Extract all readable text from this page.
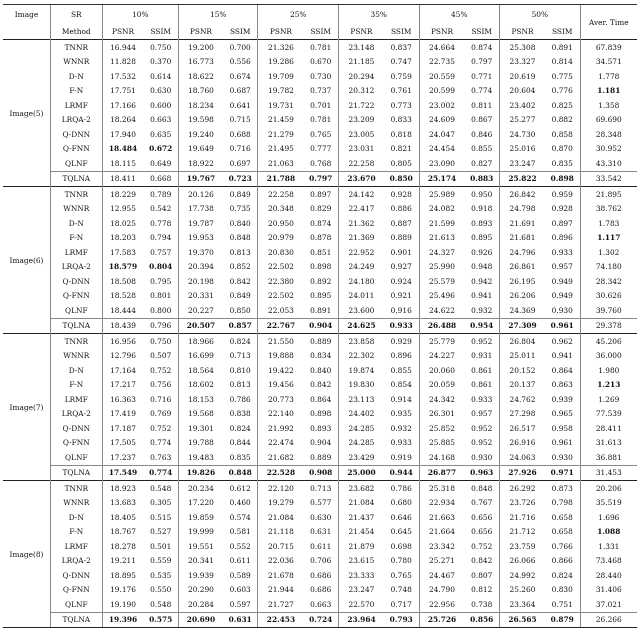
Image	SR	10%		15%		25%		35%		45%		50%		Aver. Time
	Method	PSNR	SSIM	PSNR	SSIM	PSNR	SSIM	PSNR	SSIM	PSNR	SSIM	PSNR	SSIM	
Image(5)	TNNR	16.944	0.750	19.200	0.700	21.326	0.781	23.148	0.837	24.664	0.874	25.308	0.891	67.839
	WNNR	11.828	0.370	16.773	0.556	19.286	0.670	21.185	0.747	22.735	0.797	23.327	0.814	34.571
	D-N	17.532	0.614	18.622	0.674	19.709	0.730	20.294	0.759	20.559	0.771	20.619	0.775	1.778
	F-N	17.751	0.630	18.760	0.687	19.782	0.737	20.312	0.761	20.599	0.774	20.604	0.776	1.181
	LRMF	17.166	0.600	18.234	0.641	19.731	0.701	21.722	0.773	23.002	0.811	23.402	0.825	1.358
	LRQA-2	18.264	0.663	19.598	0.715	21.459	0.781	23.209	0.833	24.609	0.867	25.277	0.882	69.690
	Q-DNN	17.940	0.635	19.240	0.688	21.279	0.765	23.005	0.818	24.047	0.846	24.730	0.858	28.348
	Q-FNN	18.484	0.672	19.649	0.716	21.495	0.777	23.031	0.821	24.454	0.855	25.016	0.870	30.952
	QLNF	18.115	0.649	18.922	0.697	21.063	0.768	22.258	0.805	23.090	0.827	23.247	0.835	43.310
	TQLNA	18.411	0.668	19.767	0.723	21.788	0.797	23.670	0.850	25.174	0.883	25.822	0.898	33.542
Image(6)	TNNR	18.229	0.789	20.126	0.849	22.258	0.897	24.142	0.928	25.989	0.950	26.842	0.959	21.895
	WNNR	12.955	0.542	17.738	0.735	20.348	0.829	22.417	0.886	24.082	0.918	24.798	0.928	38.762
	D-N	18.025	0.778	19.787	0.840	20.950	0.874	21.362	0.887	21.599	0.893	21.691	0.897	1.783
	F-N	18.203	0.794	19.953	0.848	20.979	0.878	21.369	0.889	21.613	0.895	21.681	0.896	1.117
	LRMF	17.583	0.757	19.370	0.813	20.830	0.851	22.952	0.901	24.327	0.926	24.796	0.933	1.302
	LRQA-2	18.579	0.804	20.394	0.852	22.502	0.898	24.249	0.927	25.990	0.948	26.861	0.957	74.180
	Q-DNN	18.508	0.795	20.198	0.842	22.380	0.892	24.180	0.924	25.579	0.942	26.195	0.949	28.342
	Q-FNN	18.528	0.801	20.331	0.849	22.502	0.895	24.011	0.921	25.496	0.941	26.206	0.949	30.626
	QLNF	18.444	0.800	20.227	0.850	22.053	0.891	23.600	0.916	24.622	0.932	24.369	0.930	39.760
	TQLNA	18.439	0.796	20.507	0.857	22.767	0.904	24.625	0.933	26.488	0.954	27.309	0.961	29.378
Image(7)	TNNR	16.956	0.750	18.966	0.824	21.550	0.889	23.858	0.929	25.779	0.952	26.804	0.962	45.206
	WNNR	12.796	0.507	16.699	0.713	19.888	0.834	22.302	0.896	24.227	0.931	25.011	0.941	36.000
	D-N	17.164	0.752	18.564	0.810	19.422	0.840	19.874	0.855	20.060	0.861	20.152	0.864	1.980
	F-N	17.217	0.756	18.602	0.813	19.456	0.842	19.830	0.854	20.059	0.861	20.137	0.863	1.213
	LRMF	16.363	0.716	18.153	0.786	20.773	0.864	23.113	0.914	24.342	0.933	24.762	0.939	1.269
	LRQA-2	17.419	0.769	19.568	0.838	22.140	0.898	24.402	0.935	26.301	0.957	27.298	0.965	77.539
	Q-DNN	17.187	0.752	19.301	0.824	21.992	0.893	24.285	0.932	25.852	0.952	26.517	0.958	28.411
	Q-FNN	17.505	0.774	19.788	0.844	22.474	0.904	24.285	0.933	25.885	0.952	26.916	0.961	31.613
	QLNF	17.237	0.763	19.483	0.835	21.682	0.889	23.429	0.919	24.168	0.930	24.063	0.930	36.881
	TQLNA	17.549	0.774	19.826	0.848	22.528	0.908	25.000	0.944	26.877	0.963	27.926	0.971	31.453
Image(8)	TNNR	18.923	0.548	20.234	0.612	22.120	0.713	23.682	0.786	25.318	0.848	26.292	0.873	20.206
	WNNR	13.683	0.305	17.220	0.460	19.279	0.577	21.084	0.680	22.934	0.767	23.726	0.798	35.519
	D-N	18.405	0.515	19.859	0.574	21.084	0.630	21.437	0.646	21.663	0.656	21.716	0.658	1.696
	F-N	18.767	0.527	19.999	0.581	21.118	0.631	21.454	0.645	21.664	0.656	21.712	0.658	1.088
	LRMF	18.278	0.501	19.551	0.552	20.715	0.611	21.879	0.698	23.342	0.752	23.759	0.766	1.331
	LRQA-2	19.211	0.559	20.341	0.611	22.036	0.706	23.615	0.780	25.271	0.842	26.066	0.866	73.468
	Q-DNN	18.895	0.535	19.939	0.589	21.678	0.686	23.333	0.765	24.467	0.807	24.992	0.824	28.440
	Q-FNN	19.176	0.550	20.290	0.603	21.944	0.686	23.247	0.748	24.790	0.812	25.260	0.830	31.406
	QLNF	19.190	0.548	20.284	0.597	21.727	0.663	22.570	0.717	22.956	0.738	23.364	0.751	37.021
	TQLNA	19.396	0.575	20.690	0.631	22.453	0.724	23.964	0.793	25.726	0.856	26.565	0.879	26.266
